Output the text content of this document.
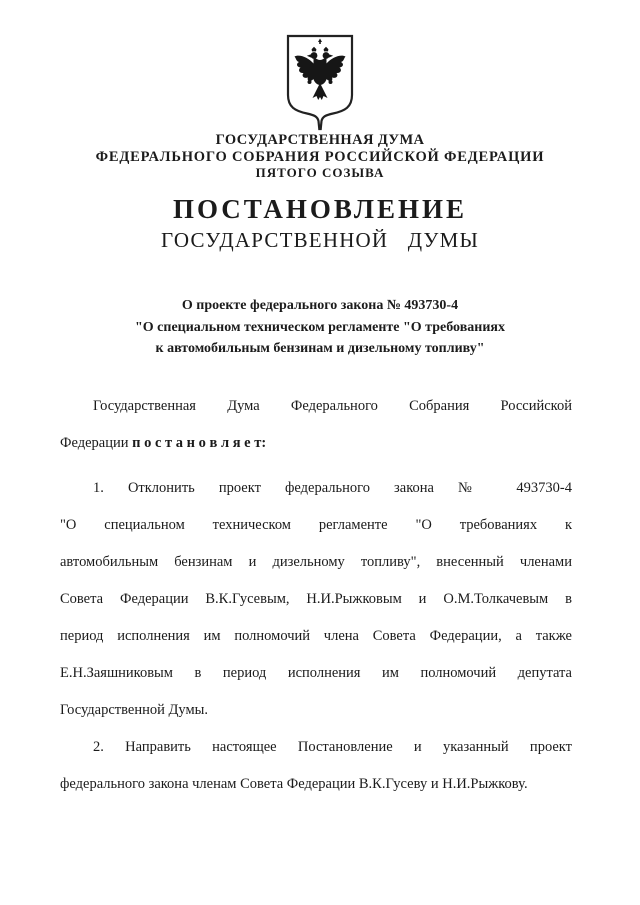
ГОСУДАРСТВЕННАЯ ДУМА
ФЕДЕРАЛЬНОГО СОБРАНИЯ РОССИЙСКОЙ ФЕДЕРАЦИИ
ПЯТОГО СОЗЫВА
ПОСТАНОВЛЕНИЕ
ГОСУДАРСТВЕННОЙ ДУМЫ
О проекте федерального закона № 493730-4
"О специальном техническом регламенте "О требованиях
к автомобильным бензинам и дизельному топливу"
Государственная Дума Федерального Собрания Российской
Федерации п о с т а н о в л я е т:
1. Отклонить проект федерального закона № 493730-4
"О специальном техническом регламенте "О требованиях к
автомобильным бензинам и дизельному топливу", внесенный членами
Совета Федерации В.К.Гусевым, Н.И.Рыжковым и О.М.Толкачевым в
период исполнения им полномочий члена Совета Федерации, а также
Е.Н.Заяшниковым в период исполнения им полномочий депутата
Государственной Думы.
2. Направить настоящее Постановление и указанный проект
федерального закона членам Совета Федерации В.К.Гусеву и Н.И.Рыжкову.
